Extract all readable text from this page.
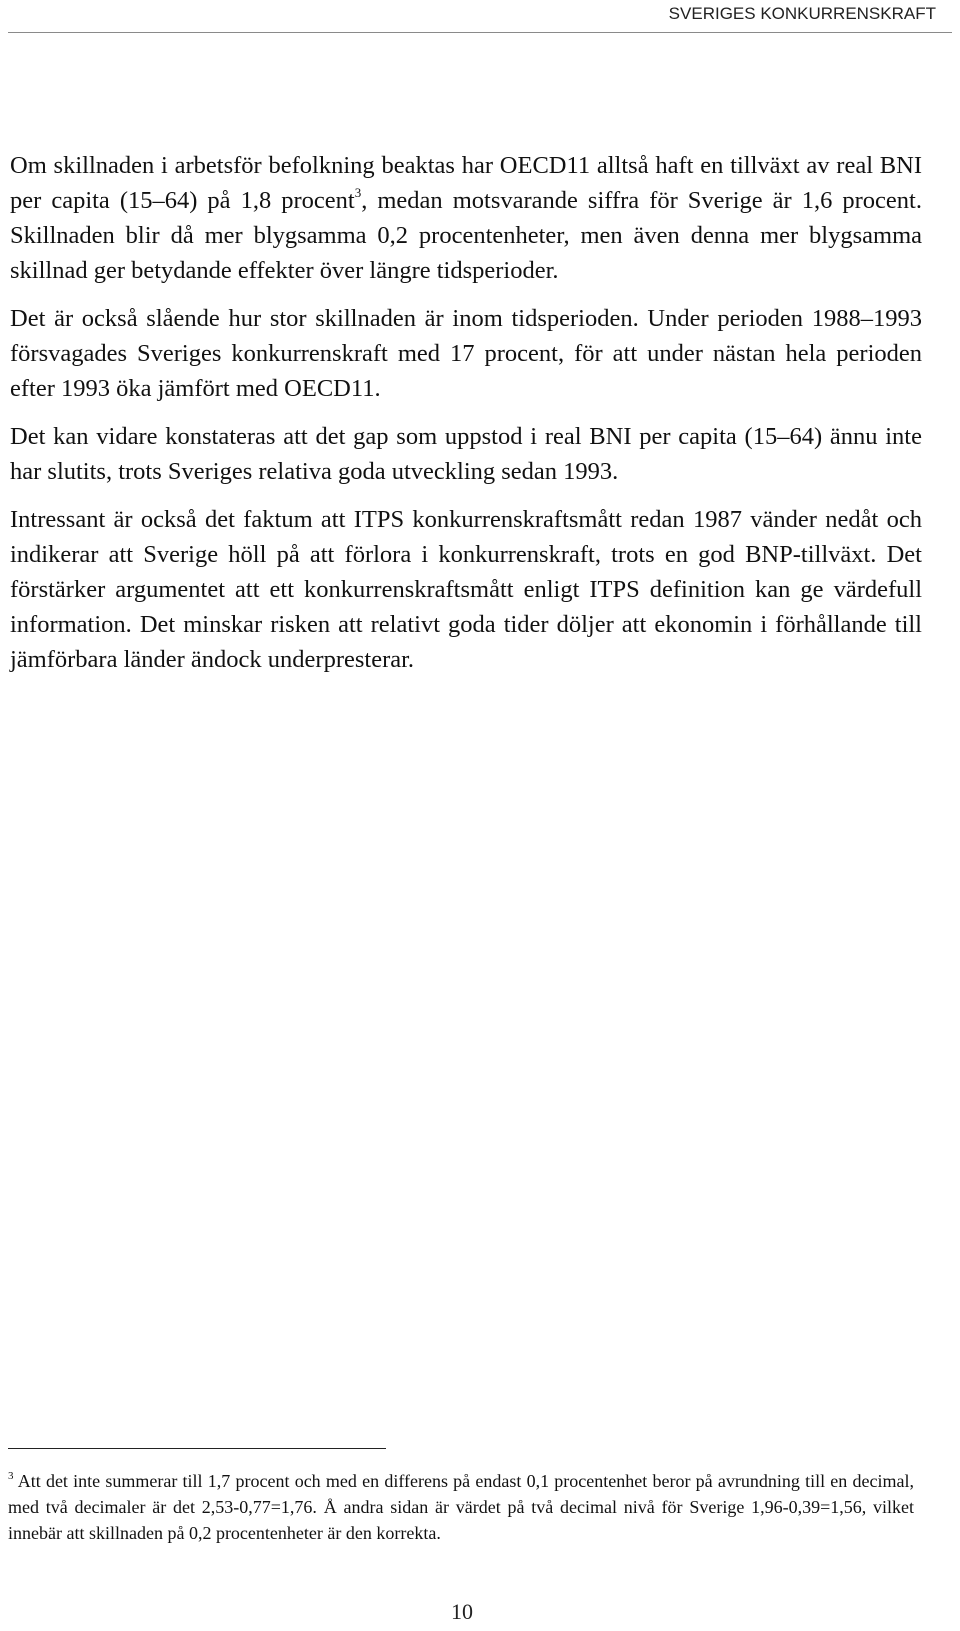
SVERIGES KONKURRENSKRAFT

Om skillnaden i arbetsför befolkning beaktas har OECD11 alltså haft en tillväxt av real BNI per capita (15–64) på 1,8 procent$^3$, medan motsvarande siffra för Sverige är 1,6 procent. Skillnaden blir då mer blygsamma 0,2 procentenheter, men även denna mer blygsamma skillnad ger betydande effekter över längre tidsperioder.

Det är också slående hur stor skillnaden är inom tidsperioden. Under perioden 1988–1993 försvagades Sveriges konkurrenskraft med 17 procent, för att under nästan hela perioden efter 1993 öka jämfört med OECD11.

Det kan vidare konstateras att det gap som uppstod i real BNI per capita (15–64) ännu inte har slutits, trots Sveriges relativa goda utveckling sedan 1993.

Intressant är också det faktum att ITPS konkurrenskraftsmått redan 1987 vänder nedåt och indikerar att Sverige höll på att förlora i konkurrenskraft, trots en god BNP-tillväxt. Det förstärker argumentet att ett konkurrenskraftsmått enligt ITPS definition kan ge värdefull information. Det minskar risken att relativt goda tider döljer att ekonomin i förhållande till jämförbara länder ändock underpresterar.

$^3$ Att det inte summerar till 1,7 procent och med en differens på endast 0,1 procentenhet beror på avrundning till en decimal, med två decimaler är det 2,53-0,77=1,76. Å andra sidan är värdet på två decimal nivå för Sverige 1,96-0,39=1,56, vilket innebär att skillnaden på 0,2 procentenheter är den korrekta.
10
